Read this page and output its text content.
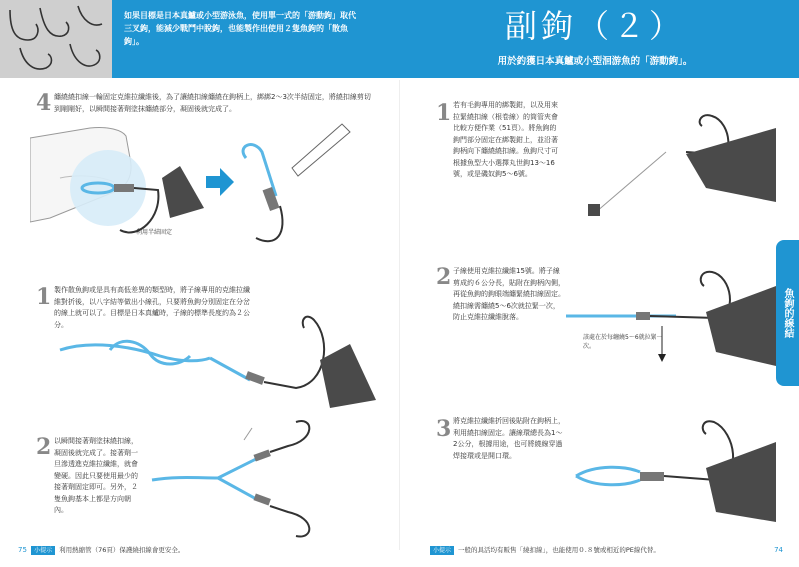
如果目標是日本真鱸或小型游泳魚，使用單一式的「游動鉤」取代三叉鉤，能減少戰鬥中脫鉤，也能製作出使用２隻魚鉤的「散魚鉤」。	副鉤（２）
用於釣獲日本真鱸或小型洄游魚的「游動鉤」。
4 纏繞繞扣線一輪固定克維拉纖維後，為了讓繞扣線纏繞在鉤柄上，綁綁2〜3次半結固定，將繞扣線剪切到剛剛好，以瞬間接著劑塗抹纏繞部分，凝固後就完成了。
利用半結固定
1 製作散魚鉤或是具有高低差異的類型時，將子線專用的克維拉纖維對折後，以八字結等做出小線孔，只要將魚鉤分別固定在分岔的線上就可以了。目標是日本真鱸時，子線的標準長度約為２公分。
2 以瞬間接著劑塗抹繞扣線，凝固後就完成了。接著劑一旦滲透進克維拉纖維，就會變硬。因此只要使用最少的接著劑固定即可。另外，２隻魚鉤基本上都是方向朝內。
75 小提示 利用熱縮管（76頁）保護繞扣線會更安全。
1 若有毛鉤專用的綁製鉗，以及用來拉緊繞扣線（根卷線）的筒管夾會比較方便作業（51頁）。將魚鉤的鉤門部分固定在綁製鉗上，並沿著鉤柄向下纏繞繞扣線。魚鉤尺寸可根據魚型大小選擇丸世鉤13〜16號，或是磯奴鉤5〜6號。
2 子線使用克維拉纖維15號。將子線剪成約６公分長，貼附在鉤柄內側，再從魚鉤的鉤眼端纏緊繞扣線固定。繞扣線需纏繞5〜6次就拉緊一次，防止克維拉纖維脫落。
該處在於每纏繞5〜6就拉緊一次。
3 將克維拉纖維折回後貼附在鉤柄上，利用繞扣線固定。讓線環總長為1〜2公分，根據用途，也可將繞線穿過焊接環或是開口環。
魚鉤的線結
小提示 一般的具活均有販售「繞扣線」，也能使用０.８號或相近的PE線代替。	74
